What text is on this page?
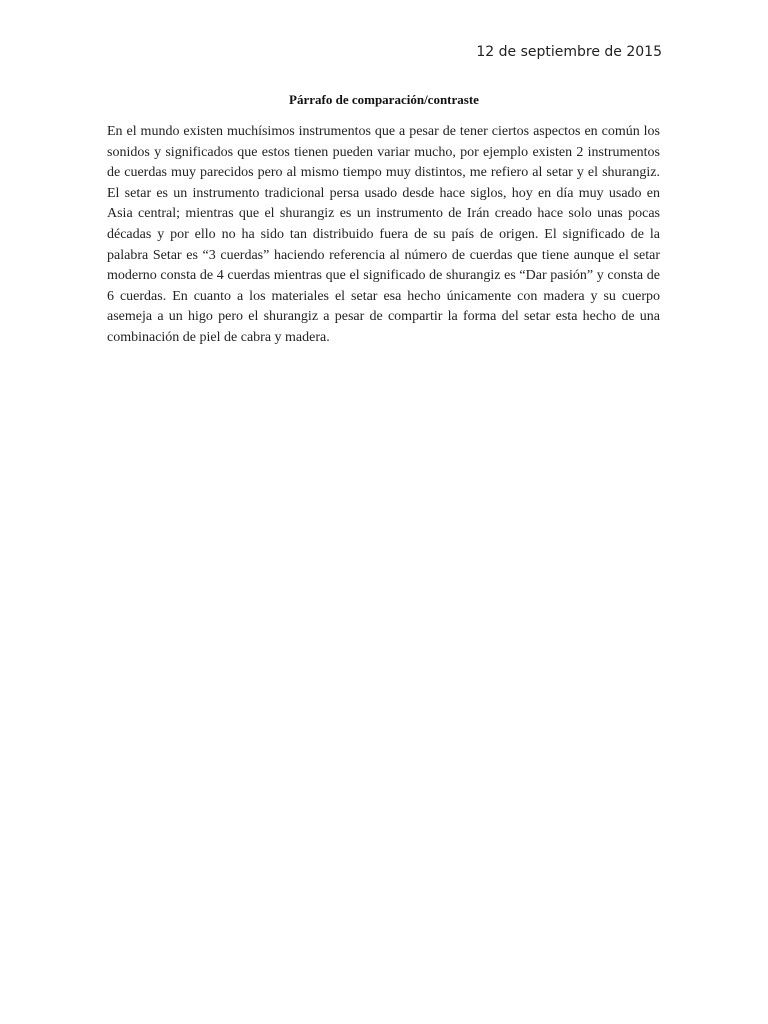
12 de septiembre de 2015
Párrafo de comparación/contraste

En el mundo existen muchísimos instrumentos que a pesar de tener ciertos aspectos en común los sonidos y significados que estos tienen pueden variar mucho, por ejemplo existen 2 instrumentos de cuerdas muy parecidos pero al mismo tiempo muy distintos, me refiero al setar y el shurangiz. El setar es un instrumento tradicional persa usado desde hace siglos, hoy en día muy usado en Asia central; mientras que el shurangiz es un instrumento de Irán creado hace solo unas pocas décadas y por ello no ha sido tan distribuido fuera de su país de origen. El significado de la palabra Setar es “3 cuerdas” haciendo referencia al número de cuerdas que tiene aunque el setar moderno consta de 4 cuerdas mientras que el significado de shurangiz es “Dar pasión” y consta de 6 cuerdas. En cuanto a los materiales el setar esa hecho únicamente con madera y su cuerpo asemeja a un higo pero el shurangiz a pesar de compartir la forma del setar esta hecho de una combinación de piel de cabra y madera.
